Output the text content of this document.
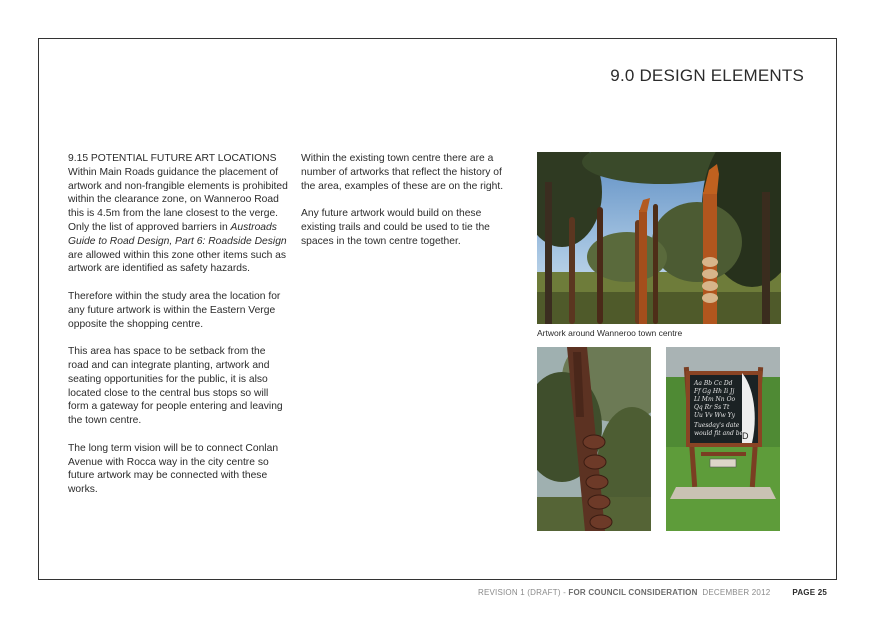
9.0 DESIGN ELEMENTS

9.15 POTENTIAL FUTURE ART LOCATIONS
Within Main Roads guidance the placement of artwork and non-frangible elements is prohibited within the clearance zone, on Wanneroo Road this is 4.5m from the lane closest to the verge. Only the list of approved barriers in Austroads Guide to Road Design, Part 6: Roadside Design are allowed within this zone other items such as artwork are identified as safety hazards.

Therefore within the study area the location for any future artwork is within the Eastern Verge opposite the shopping centre.

This area has space to be setback from the road and can integrate planting, artwork and seating opportunities for the public, it is also located close to the central bus stops so will form a gateway for people entering and leaving the town centre.

The long term vision will be to connect Conlan Avenue with Rocca way in the city centre so future artwork may be connected with these works.

Within the existing town centre there are a number of artworks that reflect the history of the area, examples of these are on the right.

Any future artwork would build on these existing trails and could be used to tie the spaces in the town centre together.

Artwork around Wanneroo town centre
Aa Bb Cc Dd
Ff Gg Hh Ii Jj
Ll Mm Nn Oo
Qq Rr Ss Tt
Uu Vv Ww Yy
Tuesday's date
would fit and be
D
REVISION 1 (DRAFT) - FOR COUNCIL CONSIDERATION DECEMBER 2012	PAGE 25
